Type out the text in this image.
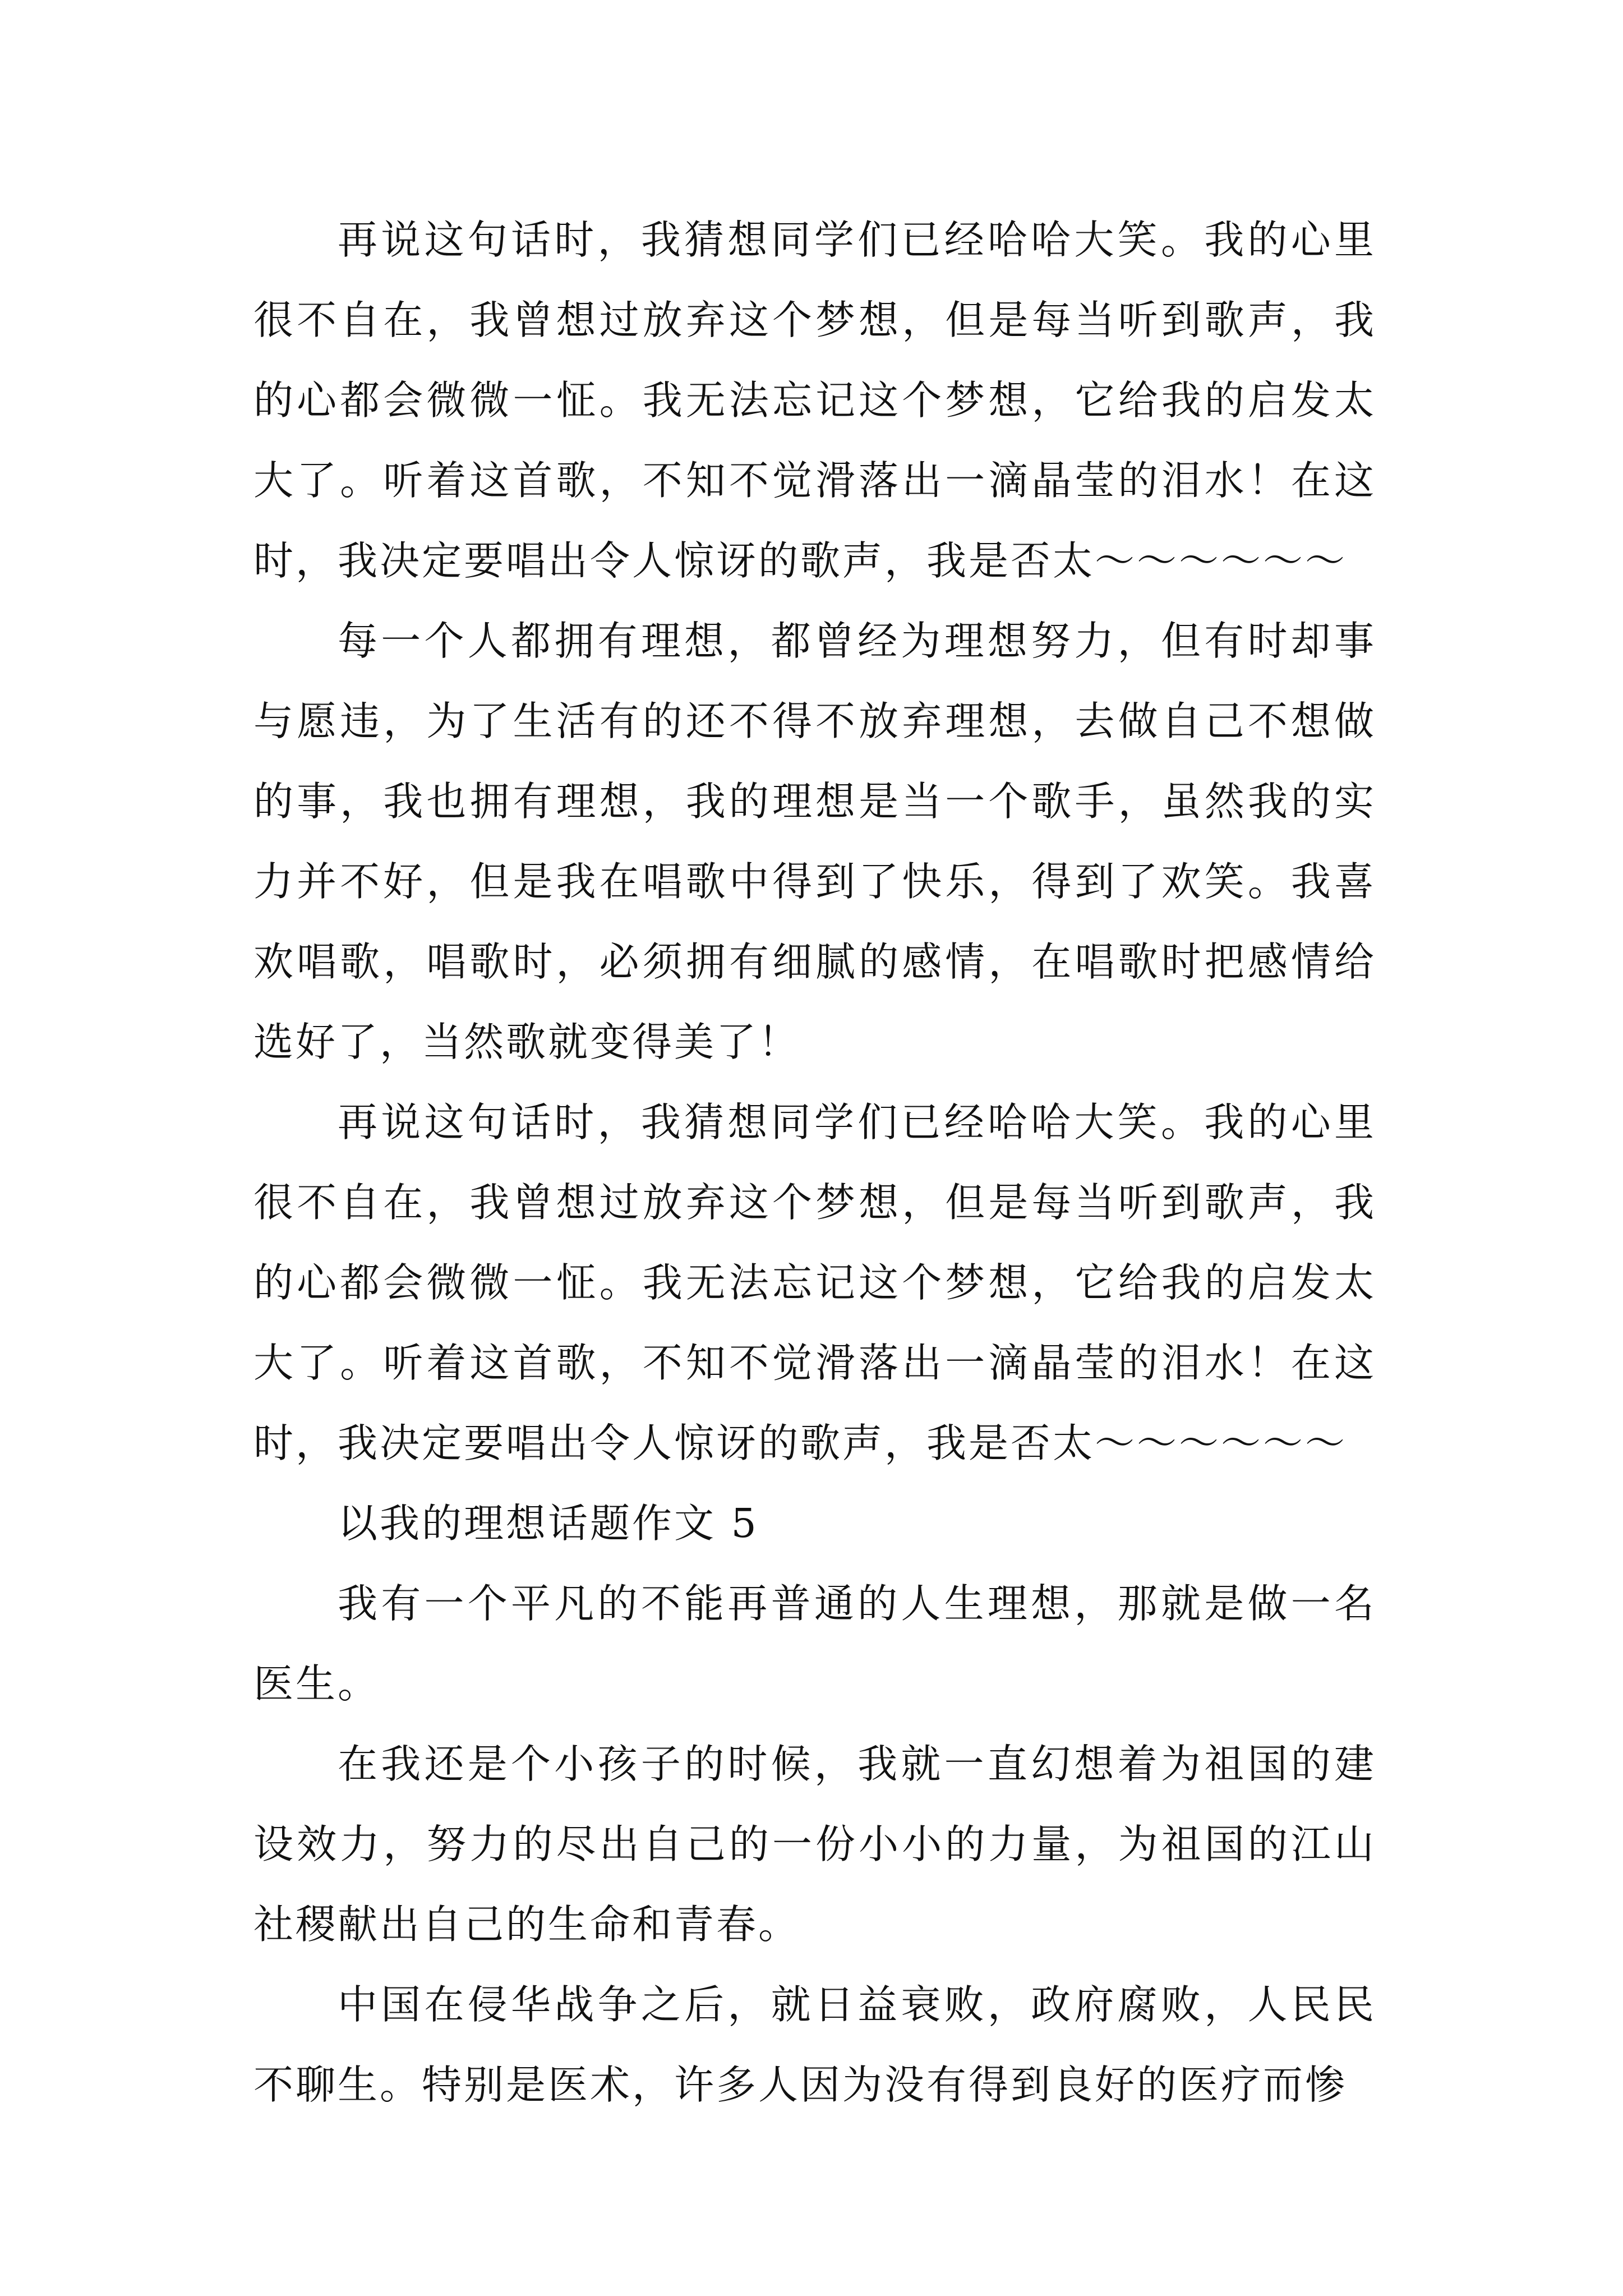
再说这句话时，我猜想同学们已经哈哈大笑。我的心里很不自在，我曾想过放弃这个梦想，但是每当听到歌声，我的心都会微微一怔。我无法忘记这个梦想，它给我的启发太大了。听着这首歌，不知不觉滑落出一滴晶莹的泪水！在这时，我决定要唱出令人惊讶的歌声，我是否太～～～～～～

每一个人都拥有理想，都曾经为理想努力，但有时却事与愿违，为了生活有的还不得不放弃理想，去做自己不想做的事，我也拥有理想，我的理想是当一个歌手，虽然我的实力并不好，但是我在唱歌中得到了快乐，得到了欢笑。我喜欢唱歌，唱歌时，必须拥有细腻的感情，在唱歌时把感情给选好了，当然歌就变得美了！

再说这句话时，我猜想同学们已经哈哈大笑。我的心里很不自在，我曾想过放弃这个梦想，但是每当听到歌声，我的心都会微微一怔。我无法忘记这个梦想，它给我的启发太大了。听着这首歌，不知不觉滑落出一滴晶莹的泪水！在这时，我决定要唱出令人惊讶的歌声，我是否太～～～～～～

以我的理想话题作文 5

我有一个平凡的不能再普通的人生理想，那就是做一名医生。

在我还是个小孩子的时候，我就一直幻想着为祖国的建设效力，努力的尽出自己的一份小小的力量，为祖国的江山社稷献出自己的生命和青春。

中国在侵华战争之后，就日益衰败，政府腐败，人民民不聊生。特别是医术，许多人因为没有得到良好的医疗而惨
